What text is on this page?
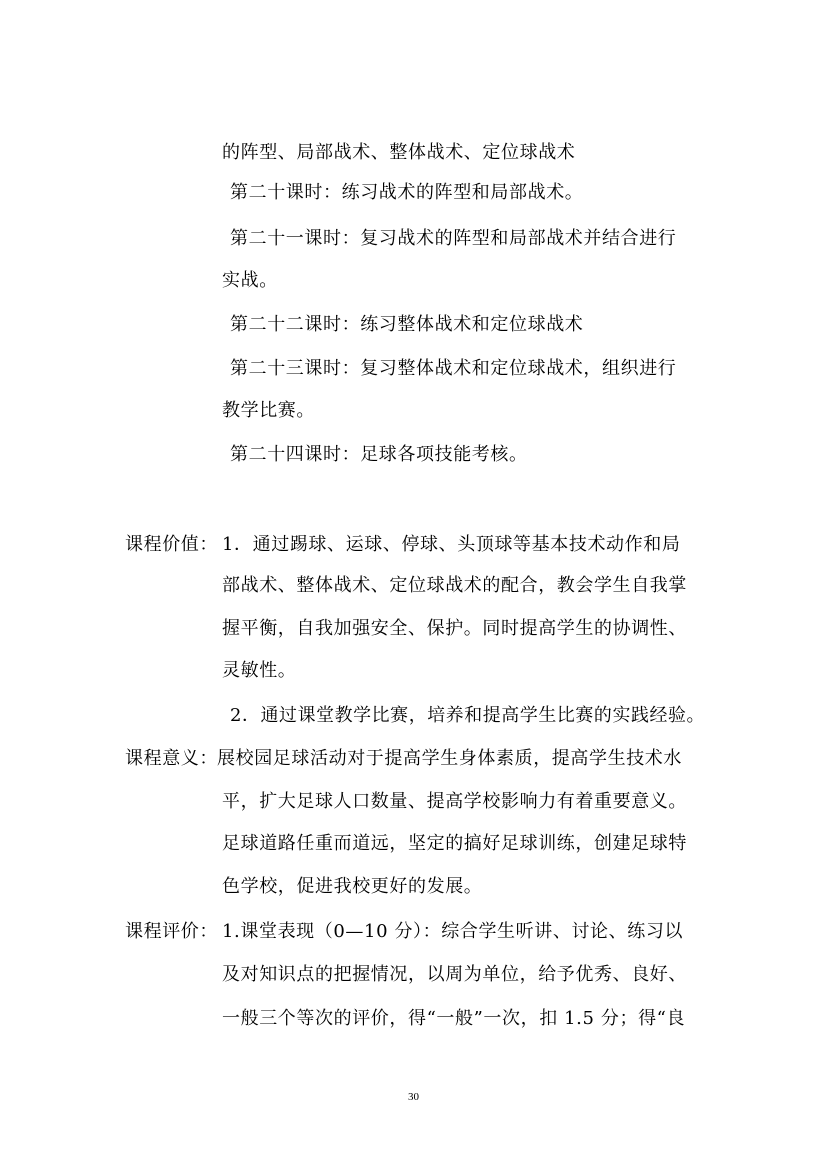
的阵型、局部战术、整体战术、定位球战术
第二十课时：练习战术的阵型和局部战术。
第二十一课时：复习战术的阵型和局部战术并结合进行
实战。
第二十二课时：练习整体战术和定位球战术
第二十三课时：复习整体战术和定位球战术，组织进行
教学比赛。
第二十四课时：足球各项技能考核。
课程价值： 1．通过踢球、运球、停球、头顶球等基本技术动作和局
部战术、整体战术、定位球战术的配合，教会学生自我掌
握平衡，自我加强安全、保护。同时提高学生的协调性、
灵敏性。
2．通过课堂教学比赛，培养和提高学生比赛的实践经验。
课程意义： 展校园足球活动对于提高学生身体素质，提高学生技术水
平，扩大足球人口数量、提高学校影响力有着重要意义。
足球道路任重而道远，坚定的搞好足球训练，创建足球特
色学校，促进我校更好的发展。
课程评价： 1.课堂表现（0—10 分）：综合学生听讲、讨论、练习以
及对知识点的把握情况，以周为单位，给予优秀、良好、
一般三个等次的评价，得“一般”一次，扣 1.5 分；得“良
30
